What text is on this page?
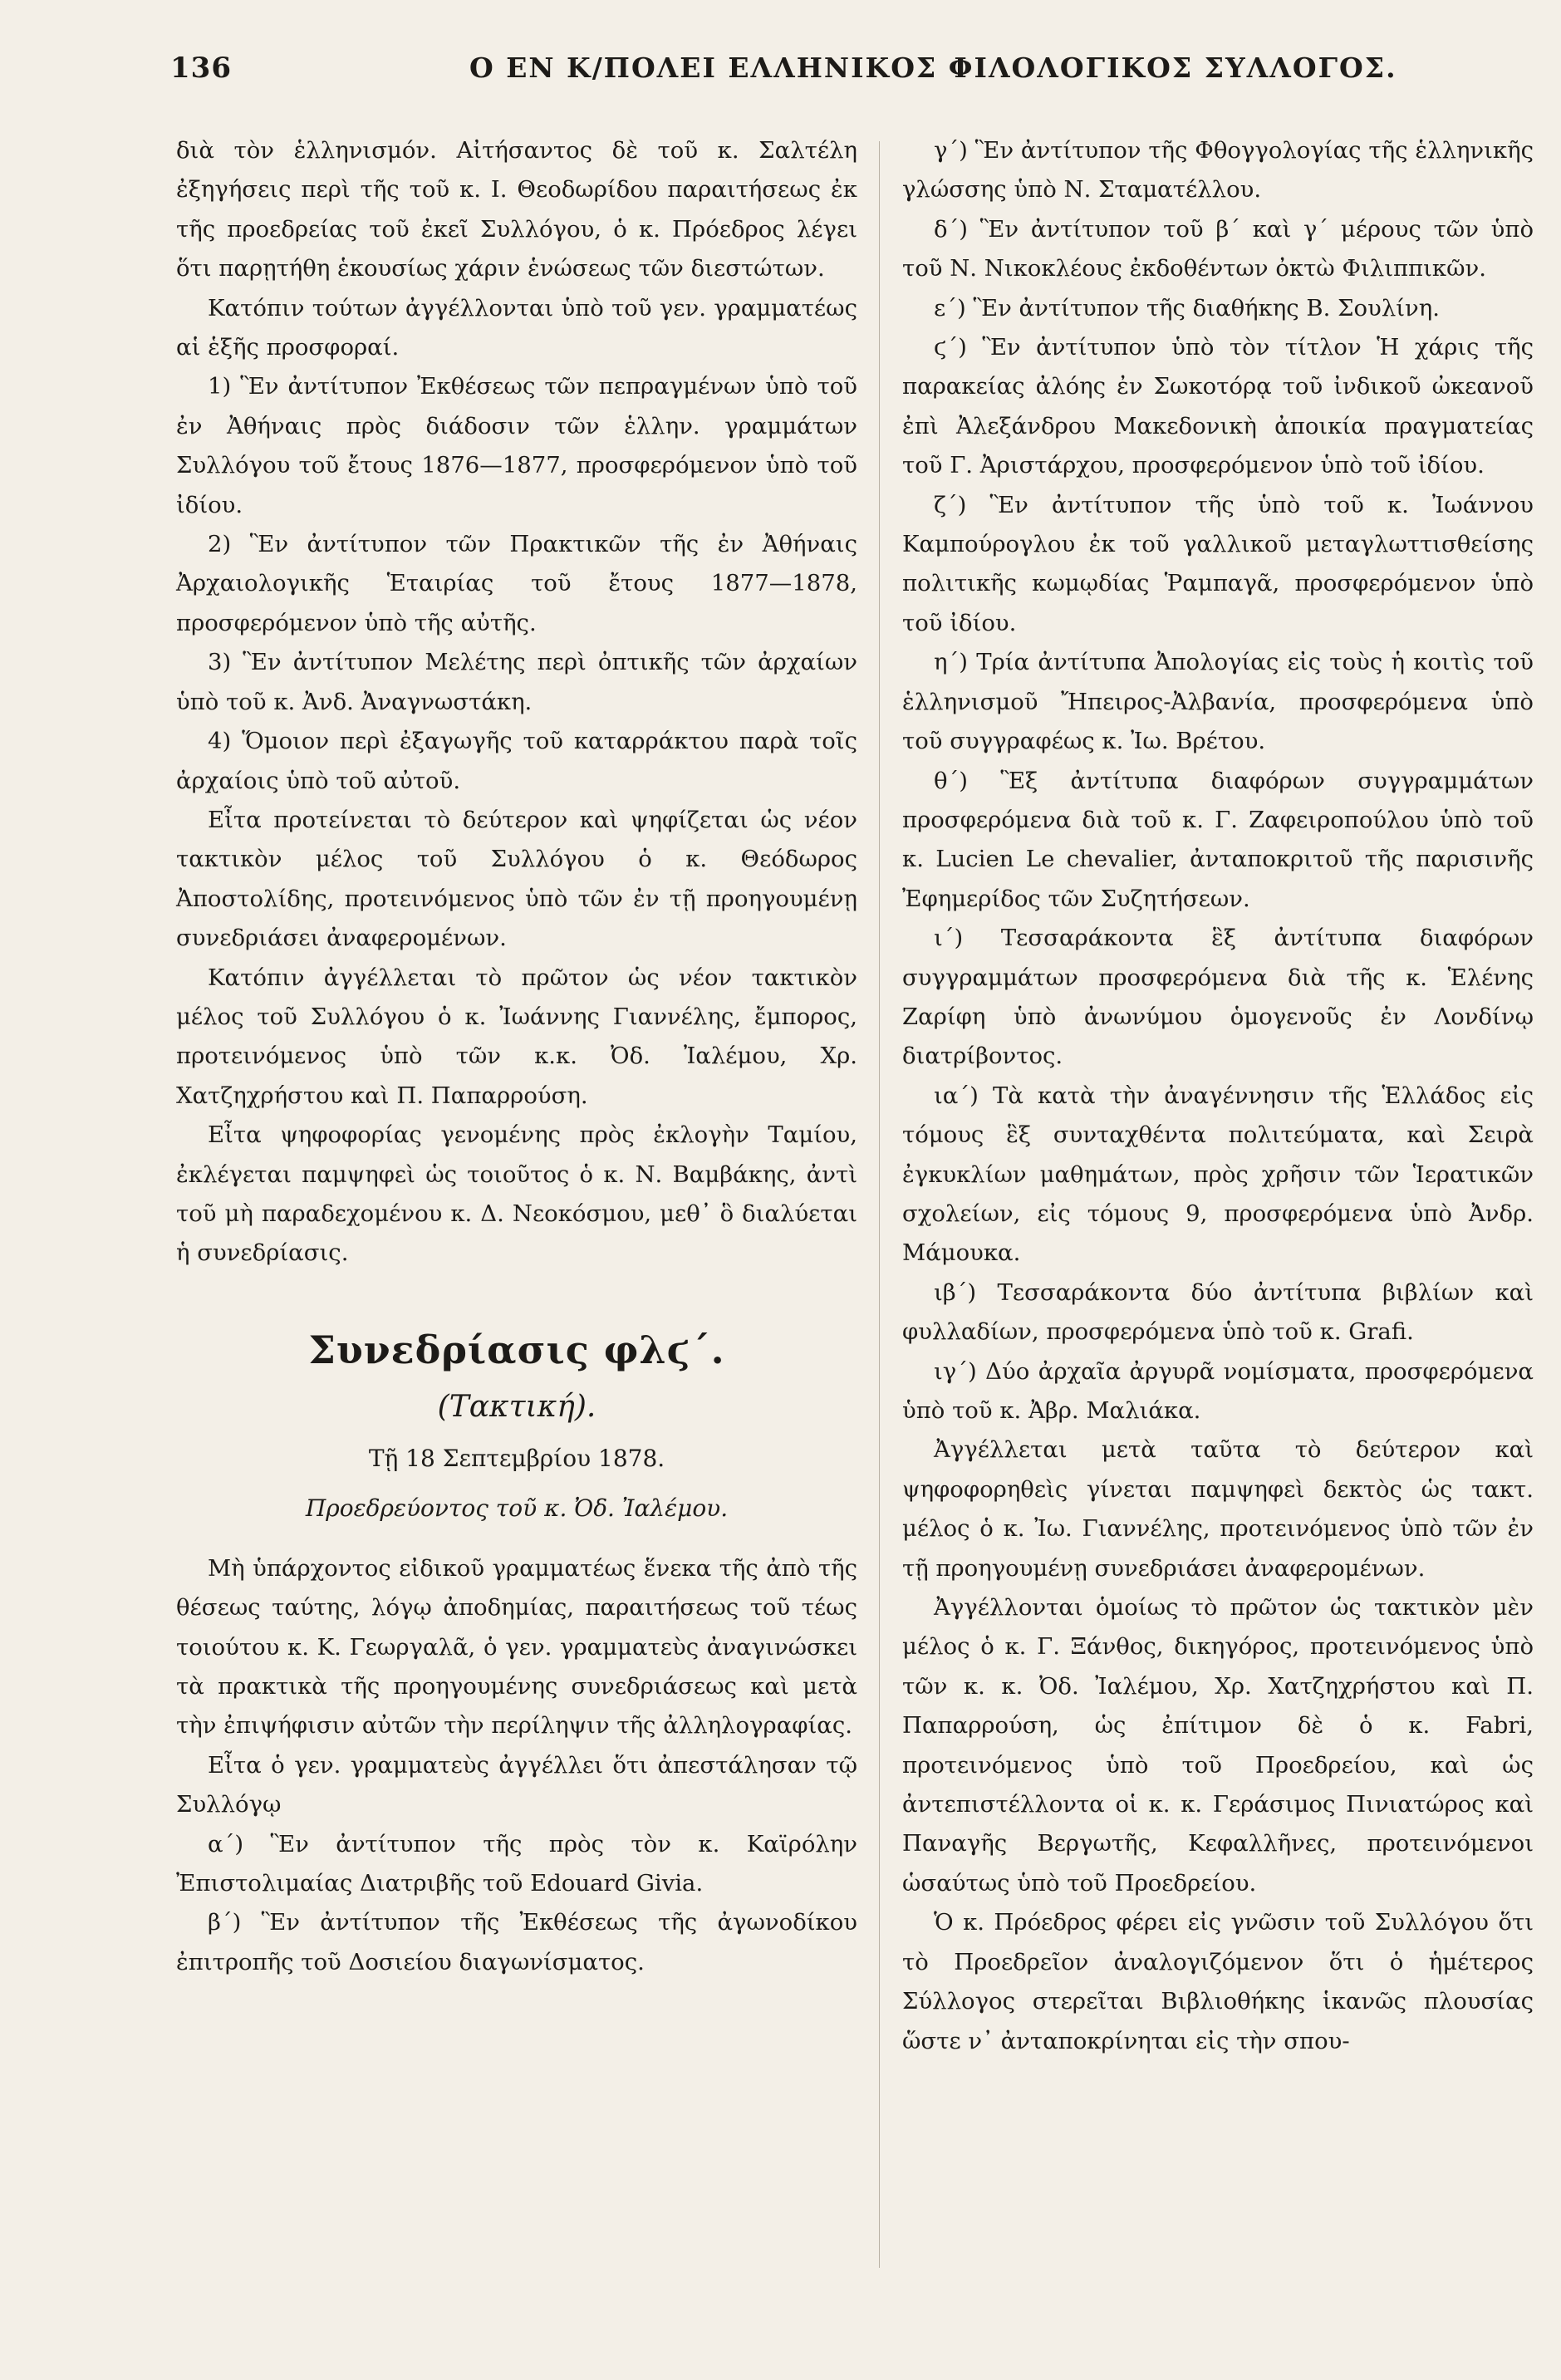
136	Ο ΕΝ Κ/ΠΟΛΕΙ ΕΛΛΗΝΙΚΟΣ ΦΙΛΟΛΟΓΙΚΟΣ ΣΥΛΛΟΓΟΣ.

διὰ τὸν ἑλληνισμόν. Αἰτήσαντος δὲ τοῦ κ. Σαλτέλη ἐξηγήσεις περὶ τῆς τοῦ κ. Ι. Θεοδωρίδου παραιτήσεως ἐκ τῆς προεδρείας τοῦ ἐκεῖ Συλλόγου, ὁ κ. Πρόεδρος λέγει ὅτι παρῃτήθη ἑκουσίως χάριν ἑνώσεως τῶν διεστώτων.

Κατόπιν τούτων ἀγγέλλονται ὑπὸ τοῦ γεν. γραμματέως αἱ ἑξῆς προσφοραί.

1) Ἓν ἀντίτυπον Ἐκθέσεως τῶν πεπραγμένων ὑπὸ τοῦ ἐν Ἀθήναις πρὸς διάδοσιν τῶν ἑλλην. γραμμάτων Συλλόγου τοῦ ἔτους 1876—1877, προσφερόμενον ὑπὸ τοῦ ἰδίου.

2) Ἓν ἀντίτυπον τῶν Πρακτικῶν τῆς ἐν Ἀθήναις Ἀρχαιολογικῆς Ἑταιρίας τοῦ ἔτους 1877—1878, προσφερόμενον ὑπὸ τῆς αὐτῆς.

3) Ἓν ἀντίτυπον Μελέτης περὶ ὀπτικῆς τῶν ἀρχαίων ὑπὸ τοῦ κ. Ἀνδ. Ἀναγνωστάκη.

4) Ὅμοιον περὶ ἐξαγωγῆς τοῦ καταρράκτου παρὰ τοῖς ἀρχαίοις ὑπὸ τοῦ αὐτοῦ.

Εἶτα προτείνεται τὸ δεύτερον καὶ ψηφίζεται ὡς νέον τακτικὸν μέλος τοῦ Συλλόγου ὁ κ. Θεόδωρος Ἀποστολίδης, προτεινόμενος ὑπὸ τῶν ἐν τῇ προηγουμένῃ συνεδριάσει ἀναφερομένων.

Κατόπιν ἀγγέλλεται τὸ πρῶτον ὡς νέον τακτικὸν μέλος τοῦ Συλλόγου ὁ κ. Ἰωάννης Γιαννέλης, ἔμπορος, προτεινόμενος ὑπὸ τῶν κ.κ. Ὀδ. Ἰαλέμου, Χρ. Χατζηχρήστου καὶ Π. Παπαρρούση.

Εἶτα ψηφοφορίας γενομένης πρὸς ἐκλογὴν Ταμίου, ἐκλέγεται παμψηφεὶ ὡς τοιοῦτος ὁ κ. Ν. Βαμβάκης, ἀντὶ τοῦ μὴ παραδεχομένου κ. Δ. Νεοκόσμου, μεθ᾽ ὃ διαλύεται ἡ συνεδρίασις.

Συνεδρίασις φλϛ΄.
(Τακτική).
Τῇ 18 Σεπτεμβρίου 1878.
Προεδρεύοντος τοῦ κ. Ὀδ. Ἰαλέμου.

Μὴ ὑπάρχοντος εἰδικοῦ γραμματέως ἕνεκα τῆς ἀπὸ τῆς θέσεως ταύτης, λόγῳ ἀποδημίας, παραιτήσεως τοῦ τέως τοιούτου κ. Κ. Γεωργαλᾶ, ὁ γεν. γραμματεὺς ἀναγινώσκει τὰ πρακτικὰ τῆς προηγουμένης συνεδριάσεως καὶ μετὰ τὴν ἐπιψήφισιν αὐτῶν τὴν περίληψιν τῆς ἀλληλογραφίας.

Εἶτα ὁ γεν. γραμματεὺς ἀγγέλλει ὅτι ἀπεστάλησαν τῷ Συλλόγῳ

α΄) Ἓν ἀντίτυπον τῆς πρὸς τὸν κ. Καϊρόλην Ἐπιστολιμαίας Διατριβῆς τοῦ Edouard Givia.

β΄) Ἓν ἀντίτυπον τῆς Ἐκθέσεως τῆς ἀγωνοδίκου ἐπιτροπῆς τοῦ Δοσιείου διαγωνίσματος.

γ΄) Ἓν ἀντίτυπον τῆς Φθογγολογίας τῆς ἑλληνικῆς γλώσσης ὑπὸ Ν. Σταματέλλου.

δ΄) Ἓν ἀντίτυπον τοῦ β΄ καὶ γ΄ μέρους τῶν ὑπὸ τοῦ Ν. Νικοκλέους ἐκδοθέντων ὀκτὼ Φιλιππικῶν.

ε΄) Ἓν ἀντίτυπον τῆς διαθήκης Β. Σουλίνη.

ϛ΄) Ἓν ἀντίτυπον ὑπὸ τὸν τίτλον Ἡ χάρις τῆς παρακείας ἀλόης ἐν Σωκοτόρᾳ τοῦ ἰνδικοῦ ὠκεανοῦ ἐπὶ Ἀλεξάνδρου Μακεδονικὴ ἀποικία πραγματείας τοῦ Γ. Ἀριστάρχου, προσφερόμενον ὑπὸ τοῦ ἰδίου.

ζ΄) Ἓν ἀντίτυπον τῆς ὑπὸ τοῦ κ. Ἰωάννου Καμπούρογλου ἐκ τοῦ γαλλικοῦ μεταγλωττισθείσης πολιτικῆς κωμῳδίας Ῥαμπαγᾶ, προσφερόμενον ὑπὸ τοῦ ἰδίου.

η΄) Τρία ἀντίτυπα Ἀπολογίας εἰς τοὺς ἡ κοιτὶς τοῦ ἑλληνισμοῦ Ἤπειρος-Ἀλβανία, προσφερόμενα ὑπὸ τοῦ συγγραφέως κ. Ἰω. Βρέτου.

θ΄) Ἓξ ἀντίτυπα διαφόρων συγγραμμάτων προσφερόμενα διὰ τοῦ κ. Γ. Ζαφειροπούλου ὑπὸ τοῦ κ. Lucien Le chevalier, ἀνταποκριτοῦ τῆς παρισινῆς Ἐφημερίδος τῶν Συζητήσεων.

ι΄) Τεσσαράκοντα ἓξ ἀντίτυπα διαφόρων συγγραμμάτων προσφερόμενα διὰ τῆς κ. Ἑλένης Ζαρίφη ὑπὸ ἀνωνύμου ὁμογενοῦς ἐν Λονδίνῳ διατρίβοντος.

ια΄) Τὰ κατὰ τὴν ἀναγέννησιν τῆς Ἑλλάδος εἰς τόμους ἓξ συνταχθέντα πολιτεύματα, καὶ Σειρὰ ἐγκυκλίων μαθημάτων, πρὸς χρῆσιν τῶν Ἱερατικῶν σχολείων, εἰς τόμους 9, προσφερόμενα ὑπὸ Ἀνδρ. Μάμουκα.

ιβ΄) Τεσσαράκοντα δύο ἀντίτυπα βιβλίων καὶ φυλλαδίων, προσφερόμενα ὑπὸ τοῦ κ. Grafi.

ιγ΄) Δύο ἀρχαῖα ἀργυρᾶ νομίσματα, προσφερόμενα ὑπὸ τοῦ κ. Ἀβρ. Μαλιάκα.

Ἀγγέλλεται μετὰ ταῦτα τὸ δεύτερον καὶ ψηφοφορηθεὶς γίνεται παμψηφεὶ δεκτὸς ὡς τακτ. μέλος ὁ κ. Ἰω. Γιαννέλης, προτεινόμενος ὑπὸ τῶν ἐν τῇ προηγουμένῃ συνεδριάσει ἀναφερομένων.

Ἀγγέλλονται ὁμοίως τὸ πρῶτον ὡς τακτικὸν μὲν μέλος ὁ κ. Γ. Ξάνθος, δικηγόρος, προτεινόμενος ὑπὸ τῶν κ. κ. Ὀδ. Ἰαλέμου, Χρ. Χατζηχρήστου καὶ Π. Παπαρρούση, ὡς ἐπίτιμον δὲ ὁ κ. Fabri, προτεινόμενος ὑπὸ τοῦ Προεδρείου, καὶ ὡς ἀντεπιστέλλοντα οἱ κ. κ. Γεράσιμος Πινιατώρος καὶ Παναγῆς Βεργωτῆς, Κεφαλλῆνες, προτεινόμενοι ὡσαύτως ὑπὸ τοῦ Προεδρείου.

Ὁ κ. Πρόεδρος φέρει εἰς γνῶσιν τοῦ Συλλόγου ὅτι τὸ Προεδρεῖον ἀναλογιζόμενον ὅτι ὁ ἡμέτερος Σύλλογος στερεῖται Βιβλιοθήκης ἱκανῶς πλουσίας ὥστε ν᾽ ἀνταποκρίνηται εἰς τὴν σπου-
